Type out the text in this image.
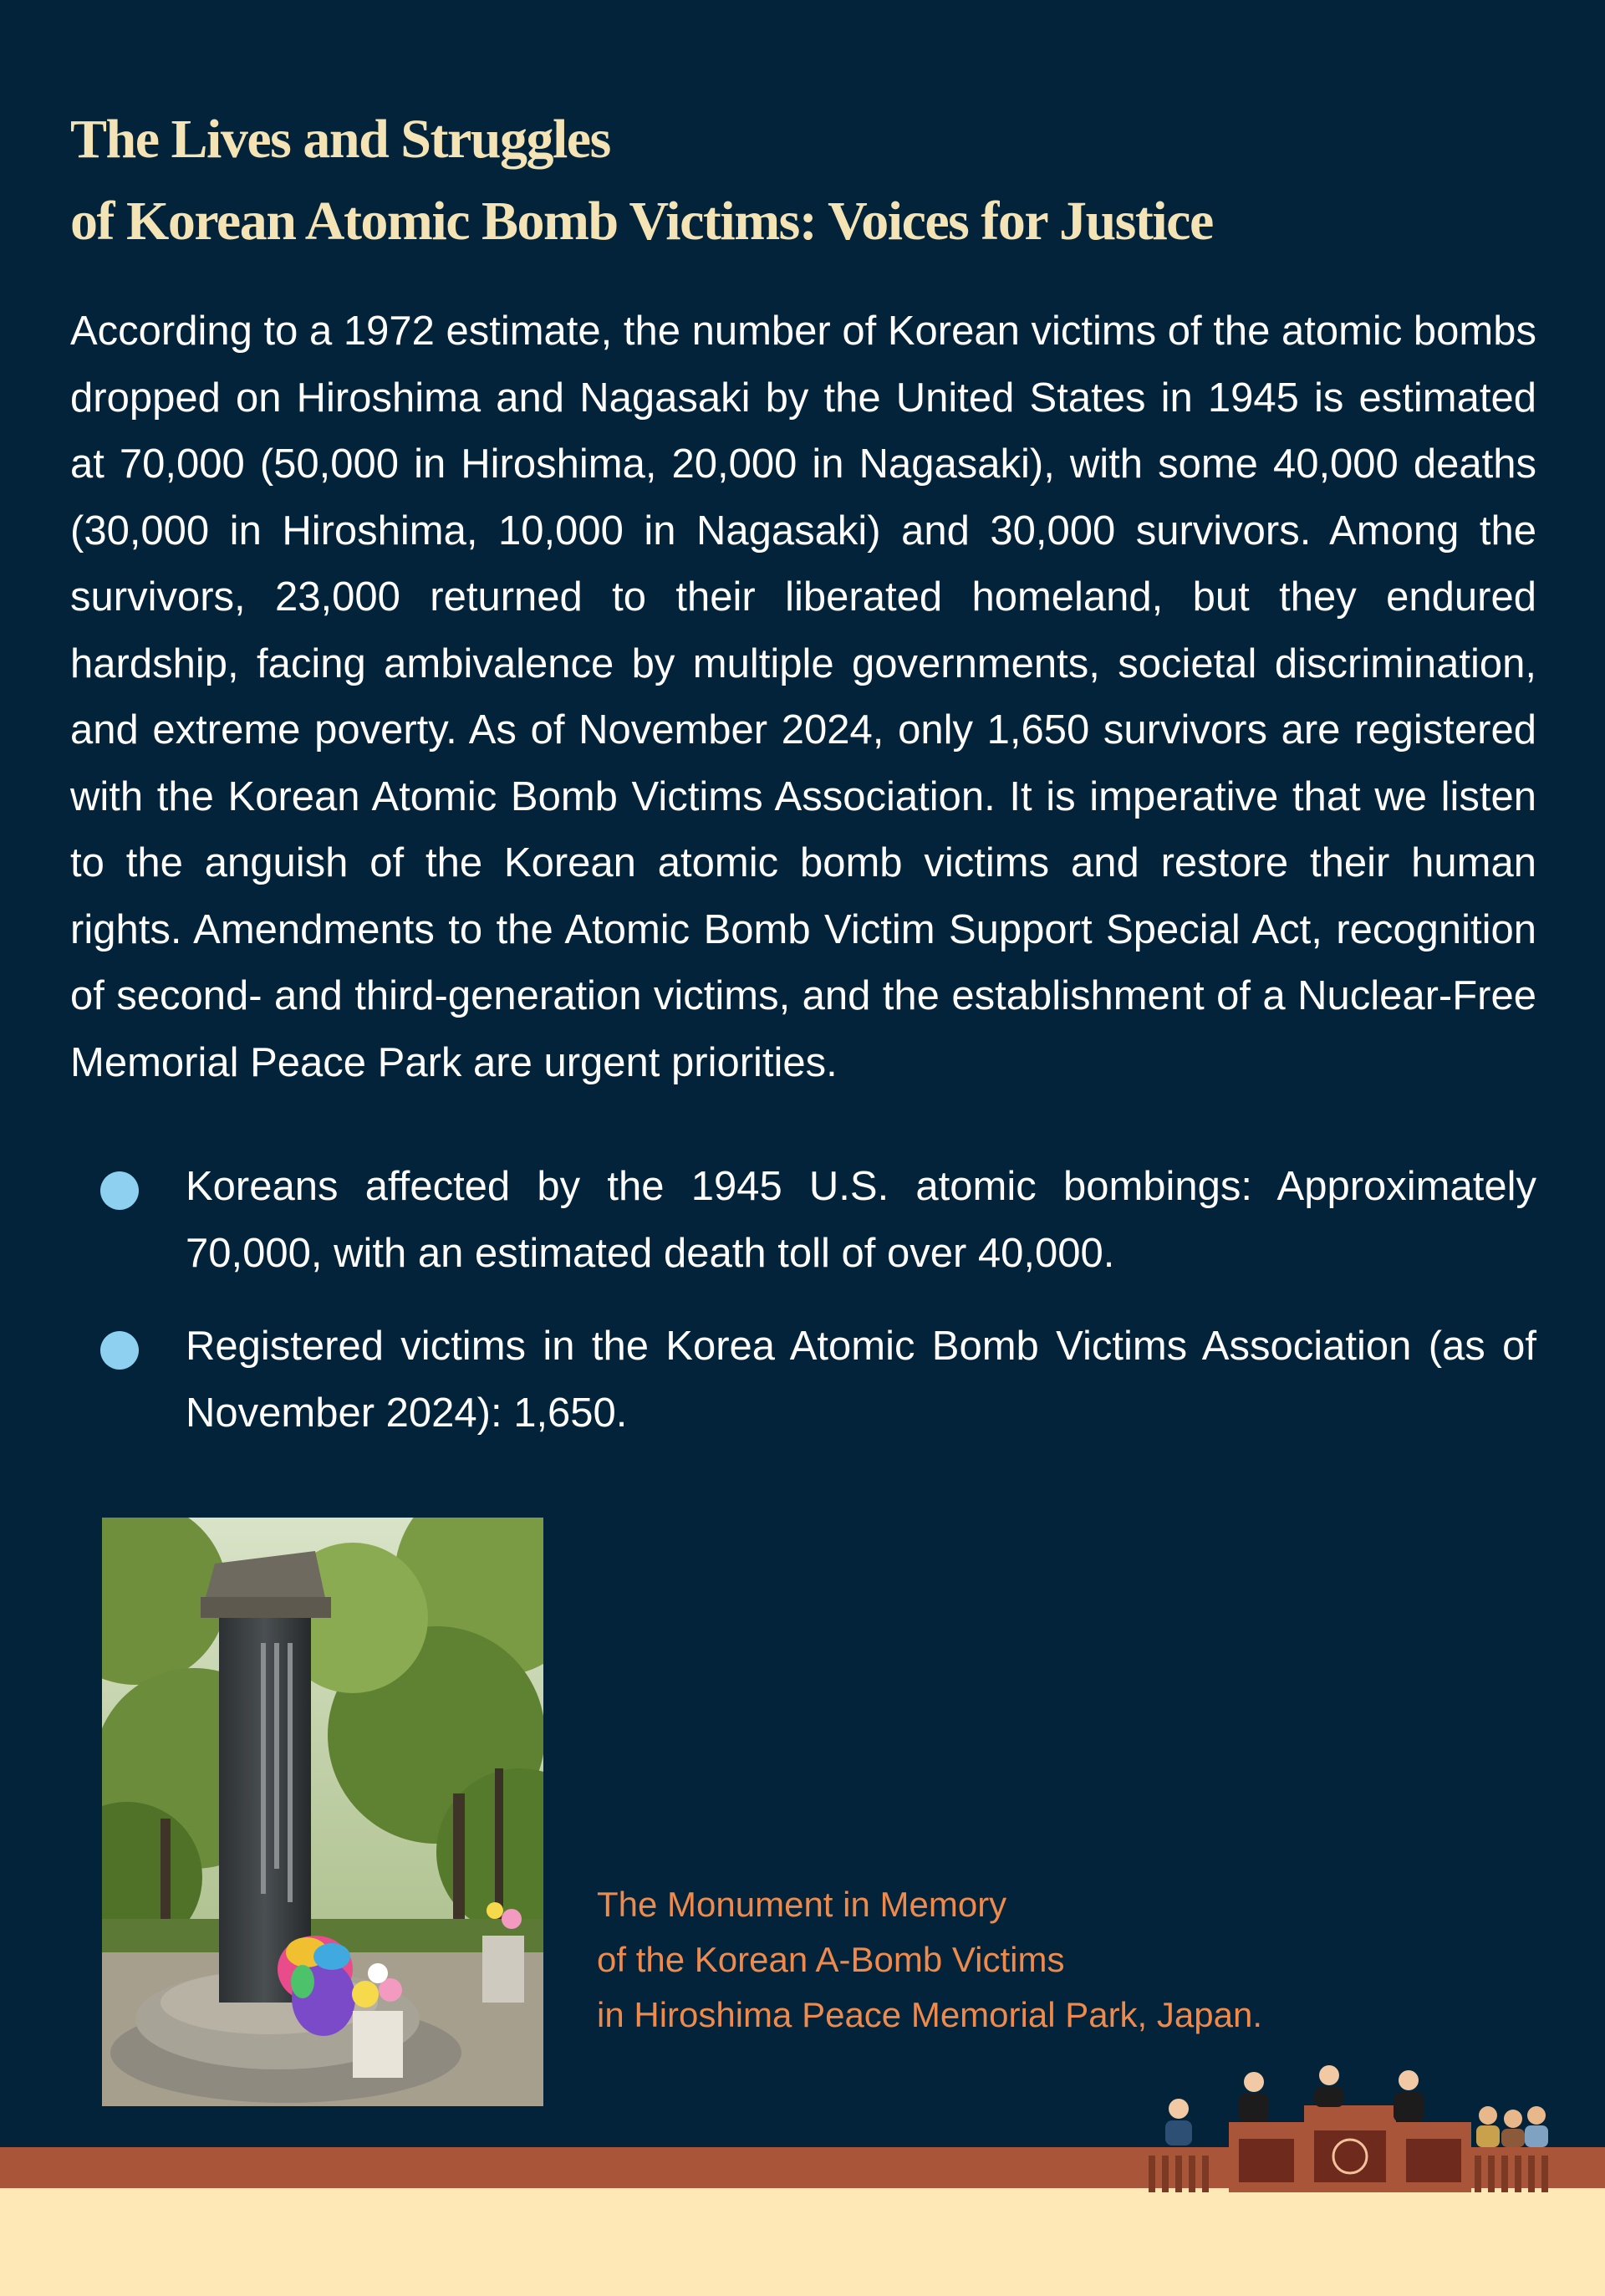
The Lives and Struggles
of Korean Atomic Bomb Victims: Voices for Justice

According to a 1972 estimate, the number of Korean victims of the atomic bombs dropped on Hiroshima and Nagasaki by the United States in 1945 is estimated at 70,000 (50,000 in Hiroshima, 20,000 in Nagasaki), with some 40,000 deaths (30,000 in Hiroshima, 10,000 in Nagasaki) and 30,000 survivors. Among the survivors, 23,000 returned to their liberated homeland, but they endured hardship, facing ambivalence by multiple governments, societal discrimination, and extreme poverty. As of November 2024, only 1,650 survivors are registered with the Korean Atomic Bomb Victims Association. It is imperative that we listen to the anguish of the Korean atomic bomb victims and restore their human rights. Amendments to the Atomic Bomb Victim Support Special Act, recognition of second- and third-generation victims, and the establishment of a Nuclear-Free Memorial Peace Park are urgent priorities.

Koreans affected by the 1945 U.S. atomic bombings: Approximately 70,000, with an estimated death toll of over 40,000.
Registered victims in the Korea Atomic Bomb Victims Association (as of November 2024): 1,650.

The Monument in Memory
of the Korean A-Bomb Victims
in Hiroshima Peace Memorial Park, Japan.
